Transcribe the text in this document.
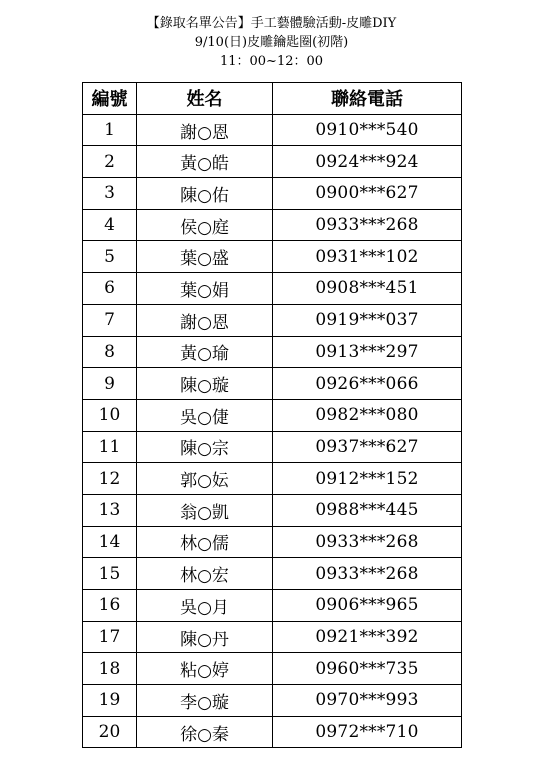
【錄取名單公告】手工藝體驗活動-皮雕DIY
9/10(日)皮雕鑰匙圈(初階)
11：00~12：00
編號	姓名	聯絡電話
1	謝○恩	0910***540
2	黃○皓	0924***924
3	陳○佑	0900***627
4	侯○庭	0933***268
5	葉○盛	0931***102
6	葉○娟	0908***451
7	謝○恩	0919***037
8	黃○瑜	0913***297
9	陳○璇	0926***066
10	吳○倢	0982***080
11	陳○宗	0937***627
12	郭○妘	0912***152
13	翁○凱	0988***445
14	林○儒	0933***268
15	林○宏	0933***268
16	吳○月	0906***965
17	陳○丹	0921***392
18	粘○婷	0960***735
19	李○璇	0970***993
20	徐○秦	0972***710
